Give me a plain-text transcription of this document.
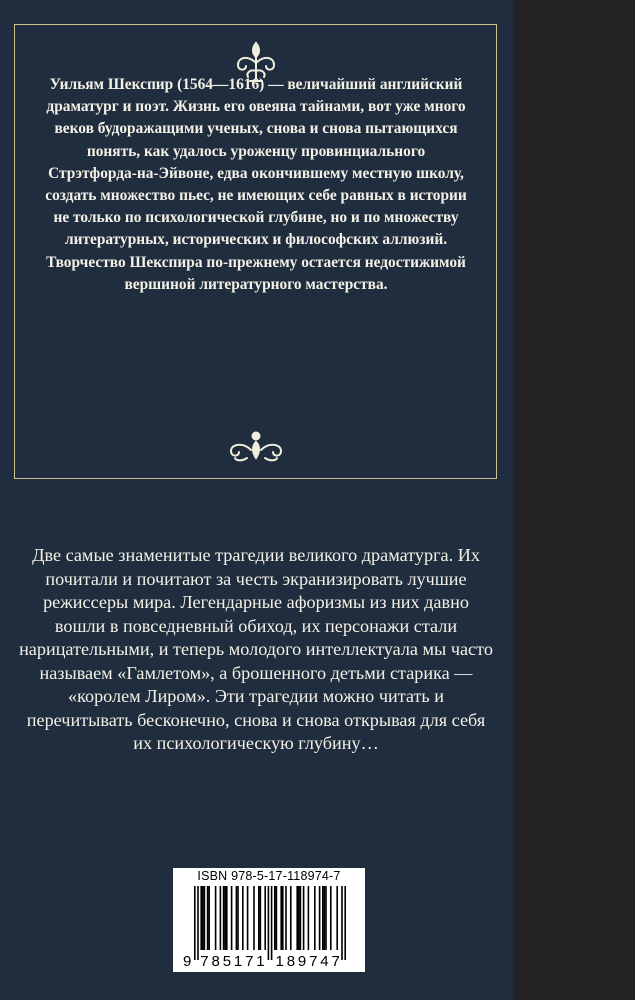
Уильям Шекспир (1564—1616) — величайший английский драматург и поэт. Жизнь его овеяна тайнами, вот уже много веков будоражащими ученых, снова и снова пытающихся понять, как удалось уроженцу провинциального Стрэтфорда-на-Эйвоне, едва окончившему местную школу, создать множество пьес, не имеющих себе равных в истории не только по психологической глубине, но и по множеству литературных, исторических и философских аллюзий.

Творчество Шекспира по-прежнему остается недостижимой вершиной литературного мастерства.

Две самые знаменитые трагедии великого драматурга. Их почитали и почитают за честь экранизировать лучшие режиссеры мира. Легендарные афоризмы из них давно вошли в повседневный обиход, их персонажи стали нарицательными, и теперь молодого интеллектуала мы часто называем «Гамлетом», а брошенного детьми старика — «королем Лиром». Эти трагедии можно читать и перечитывать бесконечно, снова и снова открывая для себя их психологическую глубину…

ISBN 978-5-17-118974-7
9 7 8 5 1 7 1 1 8 9 7 4 7
